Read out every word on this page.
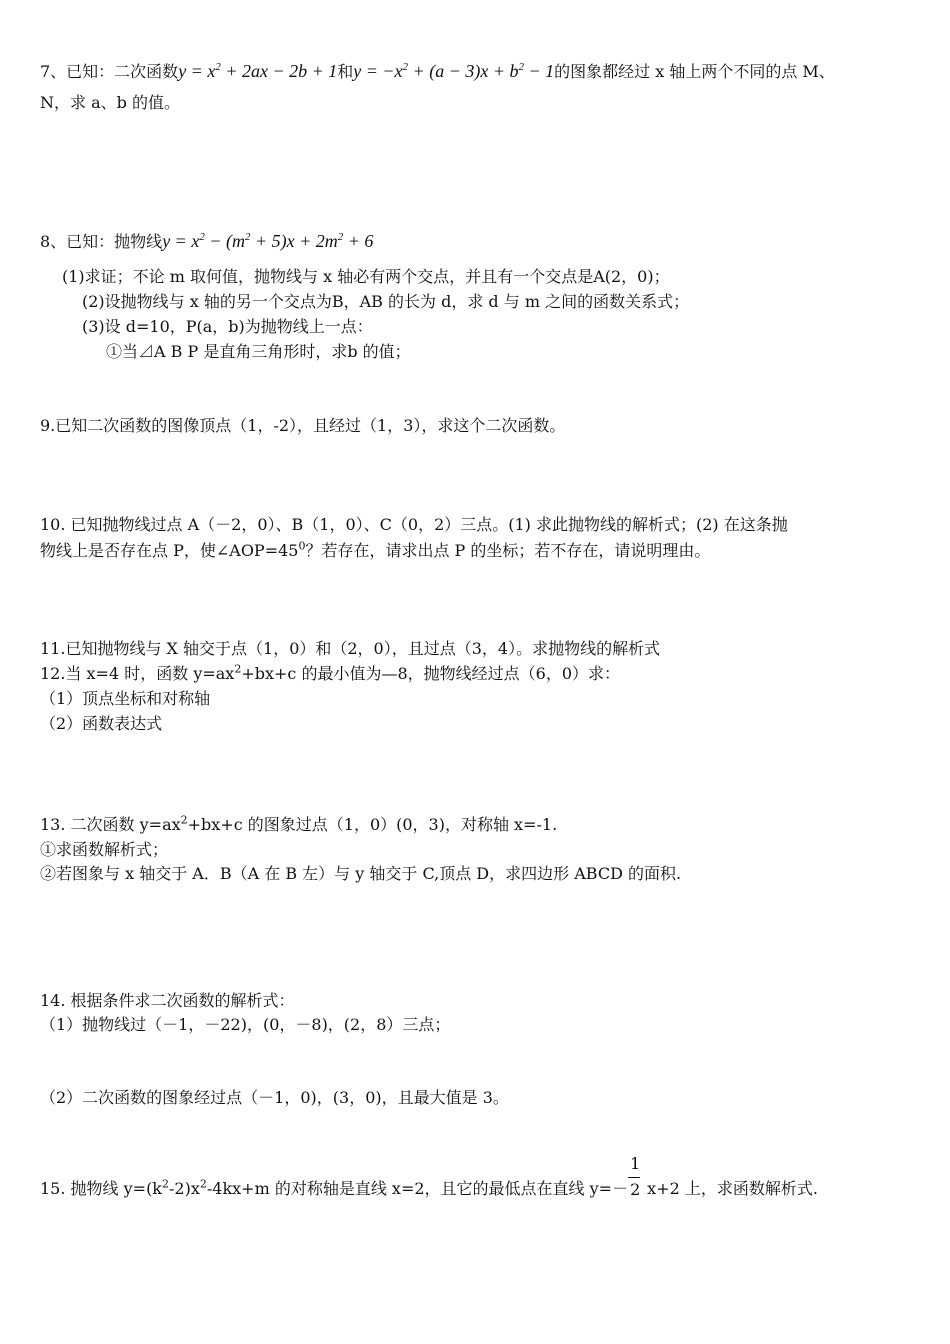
7、已知：二次函数$y = x^2 + 2ax - 2b + 1$和$y = -x^2 + (a - 3)x + b^2 - 1$的图象都经过 x 轴上两个不同的点 M、
N，求 a、b 的值。
8、已知：抛物线$y = x^2 - (m^2 + 5)x + 2m^2 + 6$
(1)求证；不论 m 取何值，抛物线与 x 轴必有两个交点，并且有一个交点是A(2，0)；
(2)设抛物线与 x 轴的另一个交点为B，AB 的长为 d，求 d 与 m 之间的函数关系式；
(3)设 d=10，P(a，b)为抛物线上一点：
①当⊿A B P 是直角三角形时，求b 的值；
9.已知二次函数的图像顶点（1，-2），且经过（1，3），求这个二次函数。
10. 已知抛物线过点 A（－2，0）、B（1，0）、C（0，2）三点。(1) 求此抛物线的解析式；(2) 在这条抛
物线上是否存在点 P，使$\angle AOP=45^0$？若存在，请求出点 P 的坐标；若不存在，请说明理由。
11.已知抛物线与 X 轴交于点（1，0）和（2，0），且过点（3，4）。求抛物线的解析式
12.当 x=4 时，函数 $y=ax^2+bx+c$ 的最小值为—8，抛物线经过点（6，0）求：
（1）顶点坐标和对称轴
（2）函数表达式
13. 二次函数 $y=ax^2+bx+c$ 的图象过点（1，0）(0，3)，对称轴 x=-1.
①求函数解析式；
②若图象与 x 轴交于 A．B（A 在 B 左）与 y 轴交于 C,顶点 D，求四边形 ABCD 的面积.
14. 根据条件求二次函数的解析式：
（1）抛物线过（－1，－22)，(0，－8)，(2，8）三点；
（2）二次函数的图象经过点（－1，0)，(3，0)，且最大值是 3。
15. 抛物线 $y=(k^2-2)x^2-4kx+m$ 的对称轴是直线 x=2，且它的最低点在直线 $y=- \frac{1}{2} x+2$ 上，求函数解析式.
